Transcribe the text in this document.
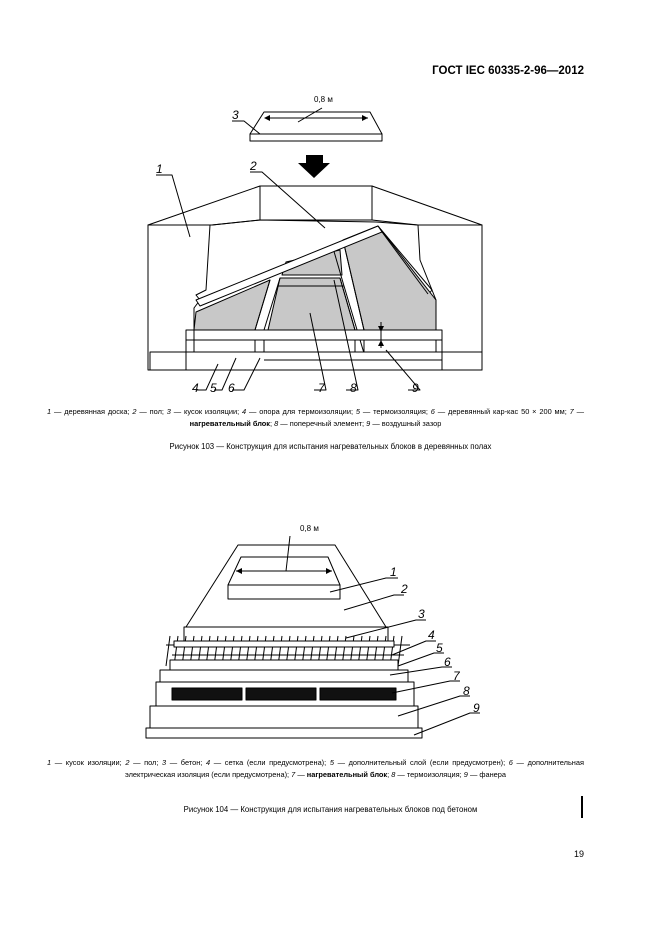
ГОСТ IEC 60335-2-96—2012
0,8 м
1	2
3
4 5 6	7 8	9
1 — деревянная доска; 2 — пол; 3 — кусок изоляции; 4 — опора для термоизоляции; 5 — термоизоляция; 6 — деревянный кар-кас 50 × 200 мм; 7 — нагревательный блок; 8 — поперечный элемент; 9 — воздушный зазор
Рисунок 103 — Конструкция для испытания нагревательных блоков в деревянных полах
0,8 м
1
2
3
4
5
6
7
8
9
1 — кусок изоляции; 2 — пол; 3 — бетон; 4 — сетка (если предусмотрена); 5 — дополнительный слой (если предусмотрен); 6 — дополнительная электрическая изоляция (если предусмотрена); 7 — нагревательный блок; 8 — термоизоляция; 9 — фанера
Рисунок 104 — Конструкция для испытания нагревательных блоков под бетоном
19
